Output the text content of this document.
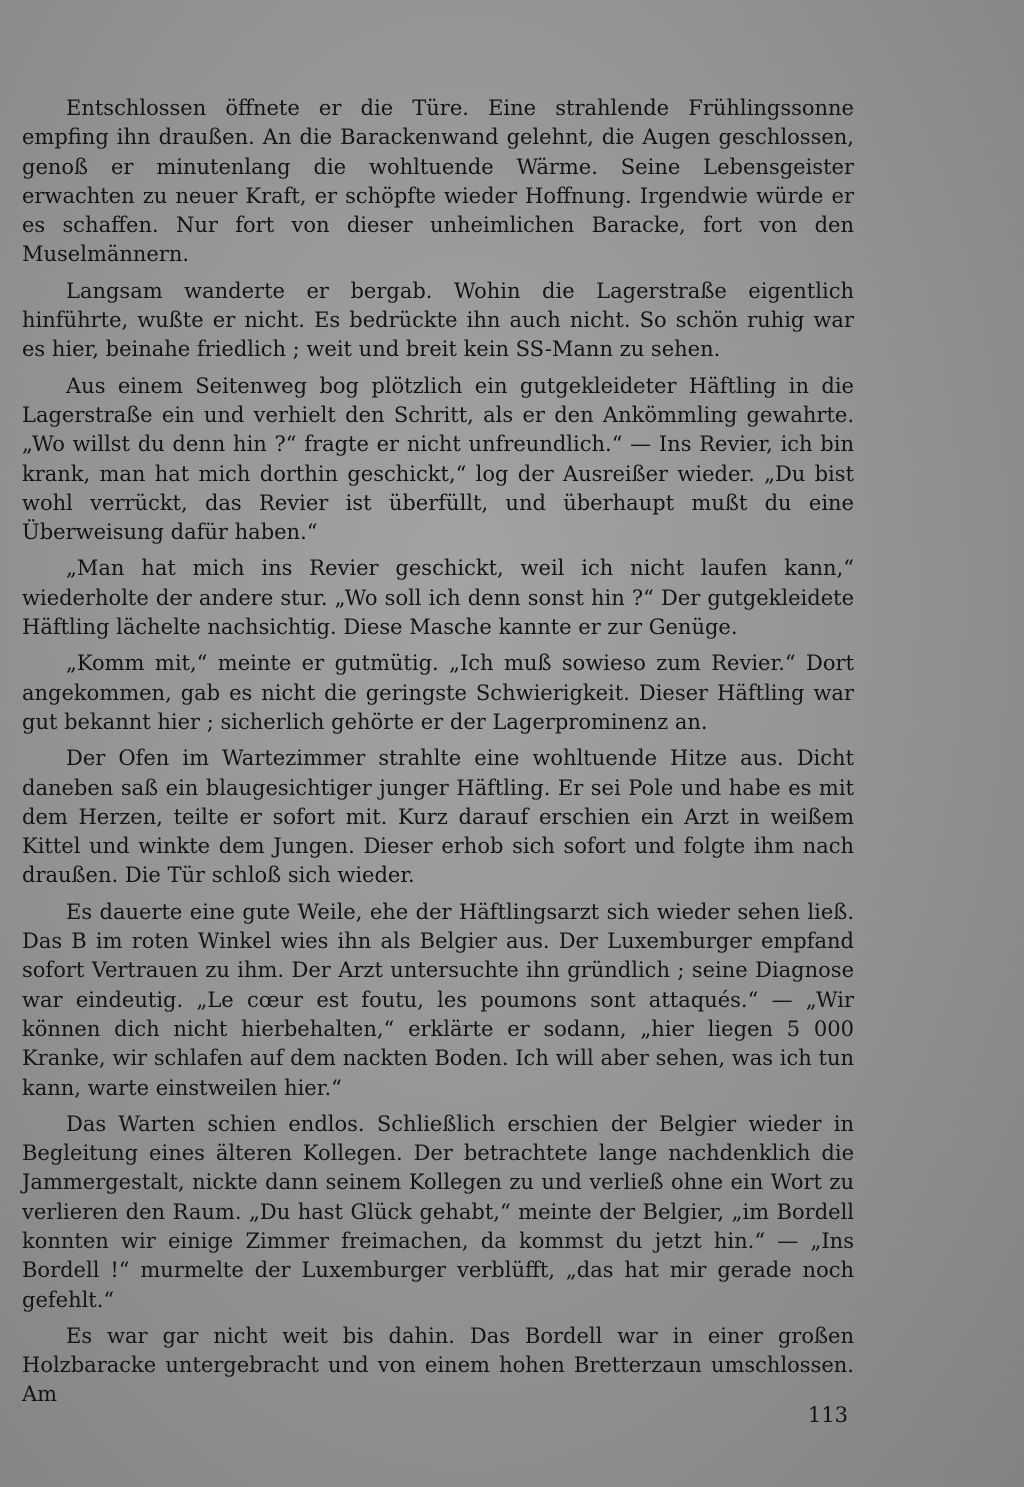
Entschlossen öffnete er die Türe. Eine strahlende Frühlingssonne empfing ihn draußen. An die Barackenwand gelehnt, die Augen geschlossen, genoß er minutenlang die wohltuende Wärme. Seine Lebensgeister erwachten zu neuer Kraft, er schöpfte wieder Hoffnung. Irgendwie würde er es schaffen. Nur fort von dieser unheimlichen Baracke, fort von den Muselmännern.

Langsam wanderte er bergab. Wohin die Lagerstraße eigentlich hinführte, wußte er nicht. Es bedrückte ihn auch nicht. So schön ruhig war es hier, beinahe friedlich ; weit und breit kein SS-Mann zu sehen.

Aus einem Seitenweg bog plötzlich ein gutgekleideter Häftling in die Lagerstraße ein und verhielt den Schritt, als er den Ankömmling gewahrte. „Wo willst du denn hin ?“ fragte er nicht unfreundlich.“ — Ins Revier, ich bin krank, man hat mich dorthin geschickt,“ log der Ausreißer wieder. „Du bist wohl verrückt, das Revier ist überfüllt, und überhaupt mußt du eine Überweisung dafür haben.“

„Man hat mich ins Revier geschickt, weil ich nicht laufen kann,“ wiederholte der andere stur. „Wo soll ich denn sonst hin ?“ Der gutgekleidete Häftling lächelte nachsichtig. Diese Masche kannte er zur Genüge.

„Komm mit,“ meinte er gutmütig. „Ich muß sowieso zum Revier.“ Dort angekommen, gab es nicht die geringste Schwierigkeit. Dieser Häftling war gut bekannt hier ; sicherlich gehörte er der Lagerprominenz an.

Der Ofen im Wartezimmer strahlte eine wohltuende Hitze aus. Dicht daneben saß ein blaugesichtiger junger Häftling. Er sei Pole und habe es mit dem Herzen, teilte er sofort mit. Kurz darauf erschien ein Arzt in weißem Kittel und winkte dem Jungen. Dieser erhob sich sofort und folgte ihm nach draußen. Die Tür schloß sich wieder.

Es dauerte eine gute Weile, ehe der Häftlingsarzt sich wieder sehen ließ. Das B im roten Winkel wies ihn als Belgier aus. Der Luxemburger empfand sofort Vertrauen zu ihm. Der Arzt untersuchte ihn gründlich ; seine Diagnose war eindeutig. „Le cœur est foutu, les poumons sont attaqués.“ — „Wir können dich nicht hierbehalten,“ erklärte er sodann, „hier liegen 5 000 Kranke, wir schlafen auf dem nackten Boden. Ich will aber sehen, was ich tun kann, warte einstweilen hier.“

Das Warten schien endlos. Schließlich erschien der Belgier wieder in Begleitung eines älteren Kollegen. Der betrachtete lange nachdenklich die Jammergestalt, nickte dann seinem Kollegen zu und verließ ohne ein Wort zu verlieren den Raum. „Du hast Glück gehabt,“ meinte der Belgier, „im Bordell konnten wir einige Zimmer freimachen, da kommst du jetzt hin.“ — „Ins Bordell !“ murmelte der Luxemburger verblüfft, „das hat mir gerade noch gefehlt.“

Es war gar nicht weit bis dahin. Das Bordell war in einer großen Holzbaracke untergebracht und von einem hohen Bretterzaun umschlossen. Am

113
